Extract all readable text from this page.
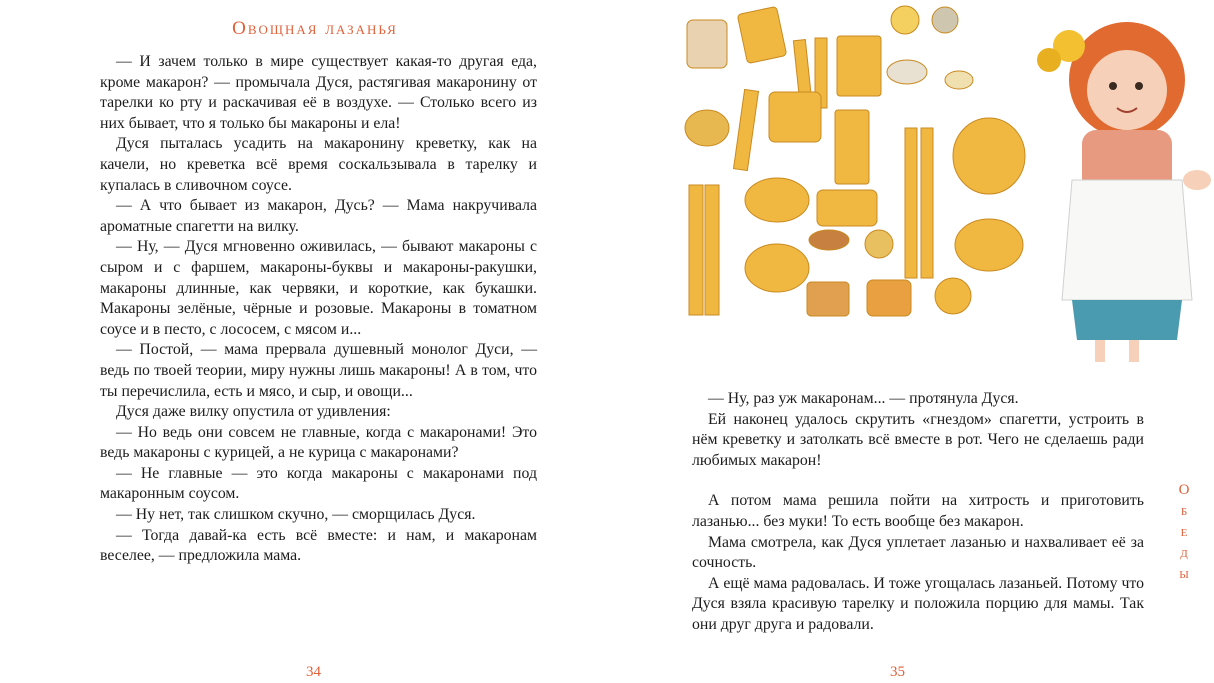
Овощная лазанья

— И зачем только в мире существует какая-то другая еда, кроме макарон? — промычала Дуся, растягивая макаронину от тарелки ко рту и раскачивая её в воздухе. — Столько всего из них бывает, что я только бы макароны и ела!

Дуся пыталась усадить на макаронину креветку, как на качели, но креветка всё время соскальзывала в тарелку и купалась в сливочном соусе.

— А что бывает из макарон, Дусь? — Мама накручивала ароматные спагетти на вилку.

— Ну, — Дуся мгновенно оживилась, — бывают макароны с сыром и с фаршем, макароны-буквы и макароны-ракушки, макароны длинные, как червяки, и короткие, как букашки. Макароны зелёные, чёрные и розовые. Макароны в томатном соусе и в песто, с лососем, с мясом и...

— Постой, — мама прервала душевный монолог Дуси, — ведь по твоей теории, миру нужны лишь макароны! А в том, что ты перечислила, есть и мясо, и сыр, и овощи...

Дуся даже вилку опустила от удивления:

— Но ведь они совсем не главные, когда с макаронами! Это ведь макароны с курицей, а не курица с макаронами?

— Не главные — это когда макароны с макаронами под макаронным соусом.

— Ну нет, так слишком скучно, — сморщилась Дуся.

— Тогда давай-ка есть всё вместе: и нам, и макаронам веселее, — предложила мама.

34

— Ну, раз уж макаронам... — протянула Дуся.

Ей наконец удалось скрутить «гнездом» спагетти, устроить в нём креветку и затолкать всё вместе в рот. Чего не сделаешь ради любимых макарон!

А потом мама решила пойти на хитрость и приготовить лазанью... без муки! То есть вообще без макарон.

Мама смотрела, как Дуся уплетает лазанью и нахваливает её за сочность.

А ещё мама радовалась. И тоже угощалась лазаньей. Потому что Дуся взяла красивую тарелку и положила порцию для мамы. Так они друг друга и радовали.

О
б
е
д
ы
35
